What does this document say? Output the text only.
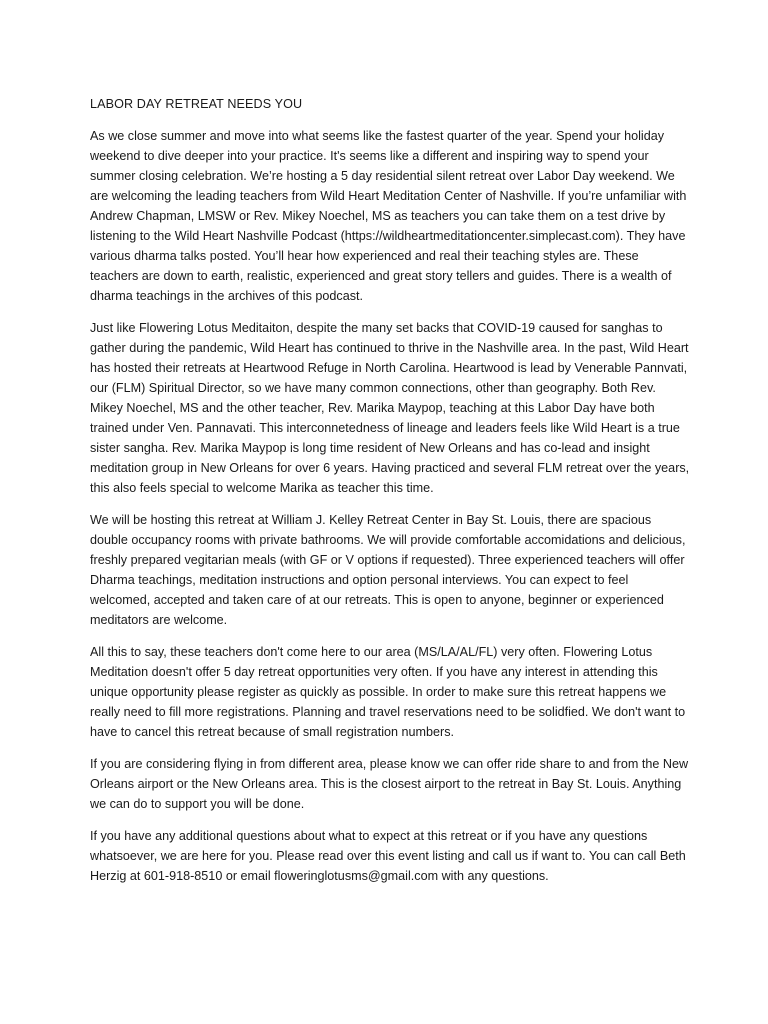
LABOR DAY RETREAT NEEDS YOU

As we close summer and move into what seems like the fastest quarter of the year. Spend your holiday weekend to dive deeper into your practice. It's seems like a different and inspiring way to spend your summer closing celebration. We’re hosting a 5 day residential silent retreat over Labor Day weekend. We are welcoming the leading teachers from Wild Heart Meditation Center of Nashville. If you’re unfamiliar with Andrew Chapman, LMSW or Rev. Mikey Noechel, MS as teachers you can take them on a test drive by listening to the Wild Heart Nashville Podcast (https://wildheartmeditationcenter.simplecast.com). They have various dharma talks posted. You’ll hear how experienced and real their teaching styles are. These teachers are down to earth, realistic, experienced and great story tellers and guides. There is a wealth of dharma teachings in the archives of this podcast.

Just like Flowering Lotus Meditaiton, despite the many set backs that COVID-19 caused for sanghas to gather during the pandemic, Wild Heart has continued to thrive in the Nashville area. In the past, Wild Heart has hosted their retreats at Heartwood Refuge in North Carolina. Heartwood is lead by Venerable Pannvati, our (FLM) Spiritual Director, so we have many common connections, other than geography. Both Rev. Mikey Noechel, MS and the other teacher, Rev. Marika Maypop, teaching at this Labor Day have both trained under Ven. Pannavati. This interconnetedness of lineage and leaders feels like Wild Heart is a true sister sangha. Rev. Marika Maypop is long time resident of New Orleans and has co-lead and insight meditation group in New Orleans for over 6 years. Having practiced and several FLM retreat over the years, this also feels special to welcome Marika as teacher this time.

We will be hosting this retreat at William J. Kelley Retreat Center in Bay St. Louis, there are spacious double occupancy rooms with private bathrooms. We will provide comfortable accomidations and delicious, freshly prepared vegitarian meals (with GF or V options if requested). Three experienced teachers will offer Dharma teachings, meditation instructions and option personal interviews. You can expect to feel welcomed, accepted and taken care of at our retreats. This is open to anyone, beginner or experienced meditators are welcome.

All this to say, these teachers don't come here to our area (MS/LA/AL/FL) very often. Flowering Lotus Meditation doesn't offer 5 day retreat opportunities very often. If you have any interest in attending this unique opportunity please register as quickly as possible. In order to make sure this retreat happens we really need to fill more registrations. Planning and travel reservations need to be solidfied. We don't want to have to cancel this retreat because of small registration numbers.

If you are considering flying in from different area, please know we can offer ride share to and from the New Orleans airport or the New Orleans area. This is the closest airport to the retreat in Bay St. Louis. Anything we can do to support you will be done.

If you have any additional questions about what to expect at this retreat or if you have any questions whatsoever, we are here for you. Please read over this event listing and call us if want to. You can call Beth Herzig at 601-918-8510 or email floweringlotusms@gmail.com with any questions.
